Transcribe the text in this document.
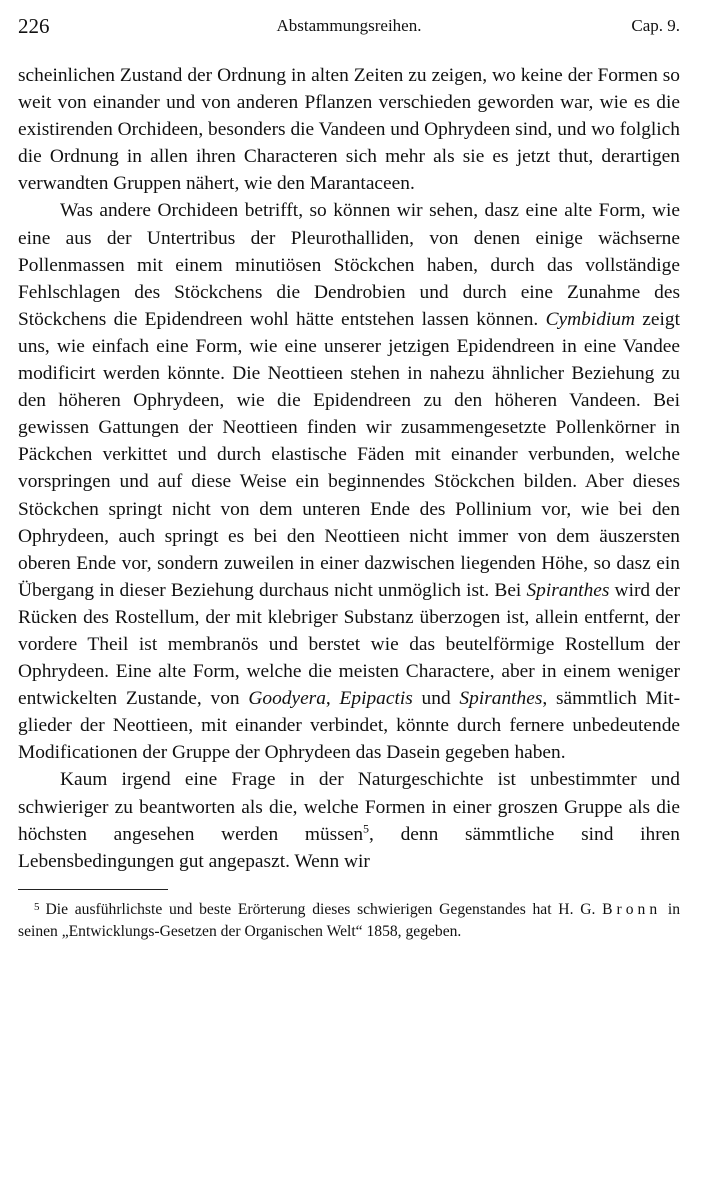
226	Abstammungsreihen.	Cap. 9.

scheinlichen Zustand der Ordnung in alten Zeiten zu zeigen, wo keine der Formen so weit von einander und von anderen Pflanzen verschieden geworden war, wie es die existirenden Orchideen, besonders die Vandeen und Ophrydeen sind, und wo folglich die Ordnung in allen ihren Characteren sich mehr als sie es jetzt thut, derartigen verwandten Gruppen nähert, wie den Marantaceen.

Was andere Orchideen betrifft, so können wir sehen, dasz eine alte Form, wie eine aus der Untertribus der Pleurothalliden, von denen einige wächserne Pollenmassen mit einem minutiösen Stöckchen haben, durch das vollständige Fehlschlagen des Stöckchens die Dendrobien und durch eine Zunahme des Stöckchens die Epidendreen wohl hätte entstehen lassen können. Cymbidium zeigt uns, wie einfach eine Form, wie eine unserer jetzigen Epidendreen in eine Vandee modificirt werden könnte. Die Neottieen stehen in nahezu ähnlicher Beziehung zu den höheren Ophrydeen, wie die Epidendreen zu den höheren Vandeen. Bei gewissen Gattungen der Neottieen finden wir zusammengesetzte Pollenkörner in Päckchen verkittet und durch elastische Fäden mit einander verbunden, welche vorspringen und auf diese Weise ein beginnendes Stöckchen bilden. Aber dieses Stöckchen springt nicht von dem unteren Ende des Pollinium vor, wie bei den Ophrydeen, auch springt es bei den Neottieen nicht immer von dem äuszersten oberen Ende vor, sondern zuweilen in einer dazwischen liegenden Höhe, so dasz ein Übergang in dieser Beziehung durchaus nicht unmöglich ist. Bei Spiranthes wird der Rücken des Rostellum, der mit klebriger Substanz überzogen ist, allein entfernt, der vordere Theil ist membranös und berstet wie das beutelförmige Rostellum der Ophrydeen. Eine alte Form, welche die meisten Charactere, aber in einem weniger entwickelten Zustande, von Goodyera, Epipactis und Spiranthes, sämmtlich Mitglieder der Neottieen, mit einander verbindet, könnte durch fernere unbedeutende Modificationen der Gruppe der Ophrydeen das Dasein gegeben haben.

Kaum irgend eine Frage in der Naturgeschichte ist unbestimmter und schwieriger zu beantworten als die, welche Formen in einer groszen Gruppe als die höchsten angesehen werden müssen$^5$, denn sämmtliche sind ihren Lebensbedingungen gut angepaszt. Wenn wir

$^5$ Die ausführlichste und beste Erörterung dieses schwierigen Gegenstandes hat H. G. Bronn in seinen „Entwicklungs-Gesetzen der Organischen Welt“ 1858, gegeben.
